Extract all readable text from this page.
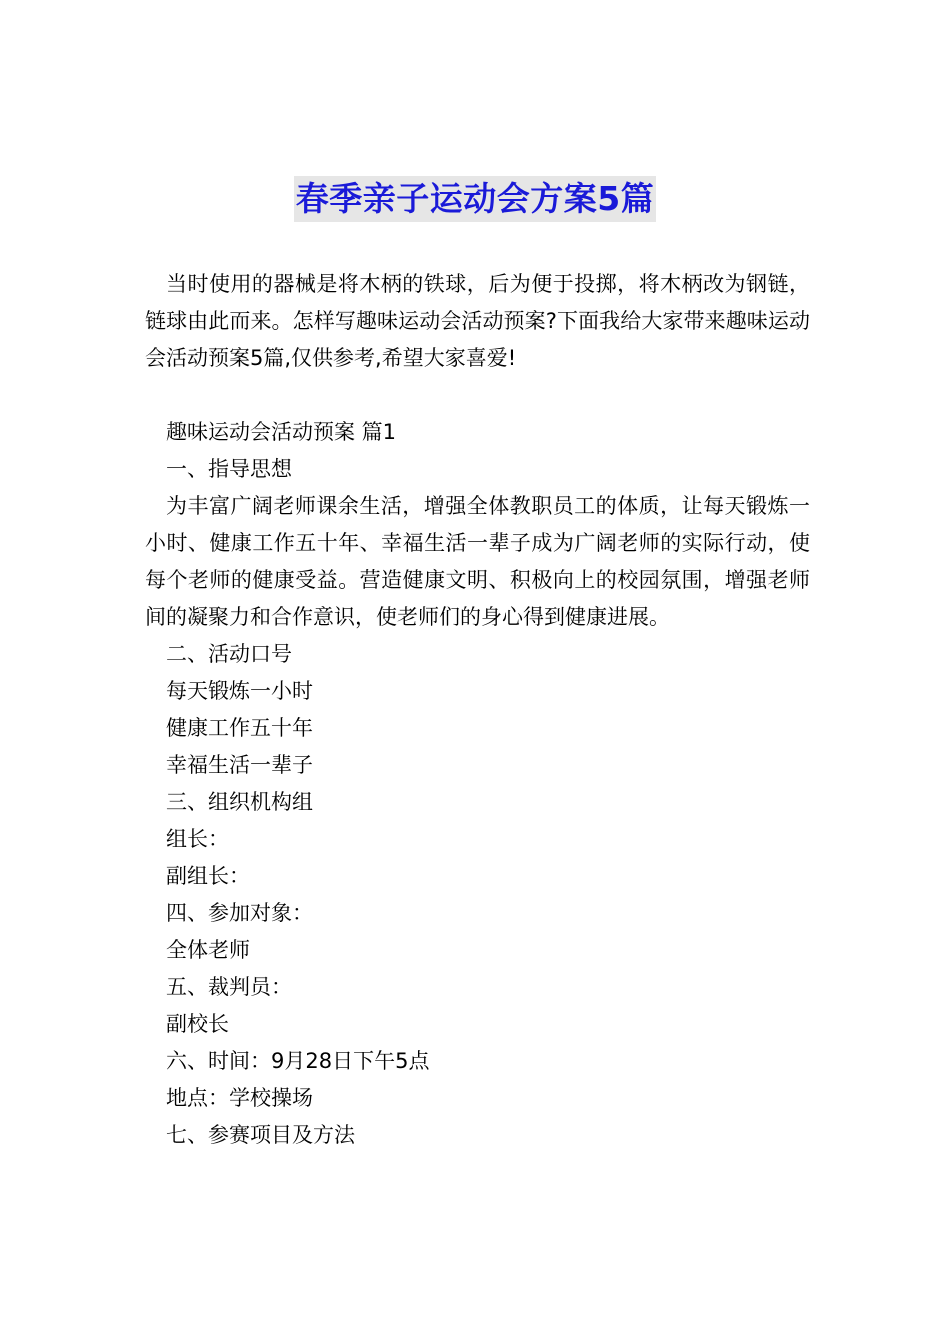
春季亲子运动会方案5篇

当时使用的器械是将木柄的铁球，后为便于投掷，将木柄改为钢链，链球由此而来。怎样写趣味运动会活动预案?下面我给大家带来趣味运动会活动预案5篇,仅供参考,希望大家喜爱!

趣味运动会活动预案 篇1

一、指导思想

为丰富广阔老师课余生活，增强全体教职员工的体质，让每天锻炼一小时、健康工作五十年、幸福生活一辈子成为广阔老师的实际行动，使每个老师的健康受益。营造健康文明、积极向上的校园氛围，增强老师间的凝聚力和合作意识，使老师们的身心得到健康进展。

二、活动口号

每天锻炼一小时

健康工作五十年

幸福生活一辈子

三、组织机构组

组长：

副组长：

四、参加对象：

全体老师

五、裁判员：

副校长

六、时间：9月28日下午5点

地点：学校操场

七、参赛项目及方法
